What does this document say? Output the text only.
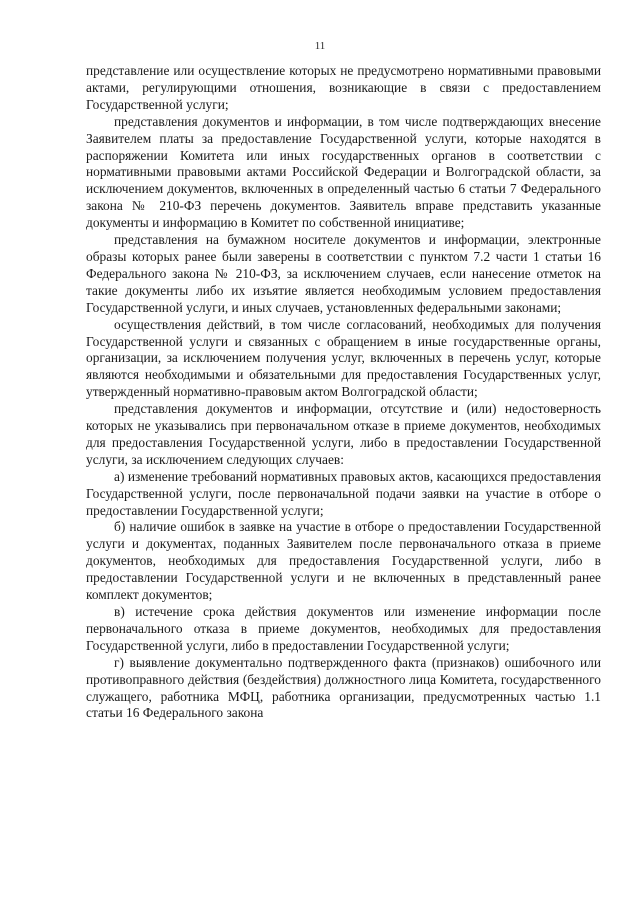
11

представление или осуществление которых не предусмотрено нормативными правовыми актами, регулирующими отношения, возникающие в связи с предоставлением Государственной услуги;

представления документов и информации, в том числе подтверждающих внесение Заявителем платы за предоставление Государственной услуги, которые находятся в распоряжении Комитета или иных государственных органов в соответствии с нормативными правовыми актами Российской Федерации и Волгоградской области, за исключением документов, включенных в определенный частью 6 статьи 7 Федерального закона № 210-ФЗ перечень документов. Заявитель вправе представить указанные документы и информацию в Комитет по собственной инициативе;

представления на бумажном носителе документов и информации, электронные образы которых ранее были заверены в соответствии с пунктом 7.2 части 1 статьи 16 Федерального закона № 210-ФЗ, за исключением случаев, если нанесение отметок на такие документы либо их изъятие является необходимым условием предоставления Государственной услуги, и иных случаев, установленных федеральными законами;

осуществления действий, в том числе согласований, необходимых для получения Государственной услуги и связанных с обращением в иные государственные органы, организации, за исключением получения услуг, включенных в перечень услуг, которые являются необходимыми и обязательными для предоставления Государственных услуг, утвержденный нормативно-правовым актом Волгоградской области;

представления документов и информации, отсутствие и (или) недостоверность которых не указывались при первоначальном отказе в приеме документов, необходимых для предоставления Государственной услуги, либо в предоставлении Государственной услуги, за исключением следующих случаев:

а) изменение требований нормативных правовых актов, касающихся предоставления Государственной услуги, после первоначальной подачи заявки на участие в отборе о предоставлении Государственной услуги;

б) наличие ошибок в заявке на участие в отборе о предоставлении Государственной услуги и документах, поданных Заявителем после первоначального отказа в приеме документов, необходимых для предоставления Государственной услуги, либо в предоставлении Государственной услуги и не включенных в представленный ранее комплект документов;

в) истечение срока действия документов или изменение информации после первоначального отказа в приеме документов, необходимых для предоставления Государственной услуги, либо в предоставлении Государственной услуги;

г) выявление документально подтвержденного факта (признаков) ошибочного или противоправного действия (бездействия) должностного лица Комитета, государственного служащего, работника МФЦ, работника организации, предусмотренных частью 1.1 статьи 16 Федерального закона
